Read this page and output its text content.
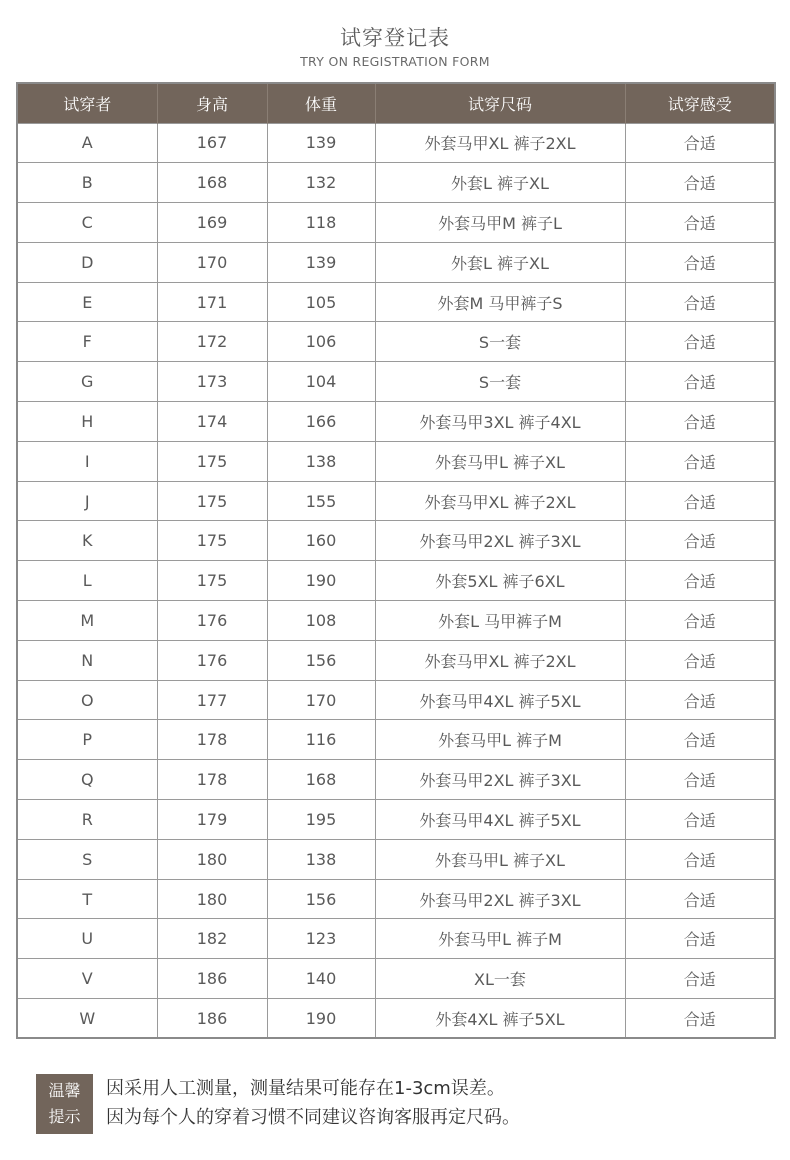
试穿登记表
TRY ON REGISTRATION FORM
试穿者	身高	体重	试穿尺码	试穿感受
A	167	139	外套马甲XL 裤子2XL	合适
B	168	132	外套L 裤子XL	合适
C	169	118	外套马甲M 裤子L	合适
D	170	139	外套L 裤子XL	合适
E	171	105	外套M 马甲裤子S	合适
F	172	106	S一套	合适
G	173	104	S一套	合适
H	174	166	外套马甲3XL 裤子4XL	合适
I	175	138	外套马甲L 裤子XL	合适
J	175	155	外套马甲XL 裤子2XL	合适
K	175	160	外套马甲2XL 裤子3XL	合适
L	175	190	外套5XL 裤子6XL	合适
M	176	108	外套L 马甲裤子M	合适
N	176	156	外套马甲XL 裤子2XL	合适
O	177	170	外套马甲4XL 裤子5XL	合适
P	178	116	外套马甲L 裤子M	合适
Q	178	168	外套马甲2XL 裤子3XL	合适
R	179	195	外套马甲4XL 裤子5XL	合适
S	180	138	外套马甲L 裤子XL	合适
T	180	156	外套马甲2XL 裤子3XL	合适
U	182	123	外套马甲L 裤子M	合适
V	186	140	XL一套	合适
W	186	190	外套4XL 裤子5XL	合适
温馨
提示
因采用人工测量，测量结果可能存在1-3cm误差。
因为每个人的穿着习惯不同建议咨询客服再定尺码。
